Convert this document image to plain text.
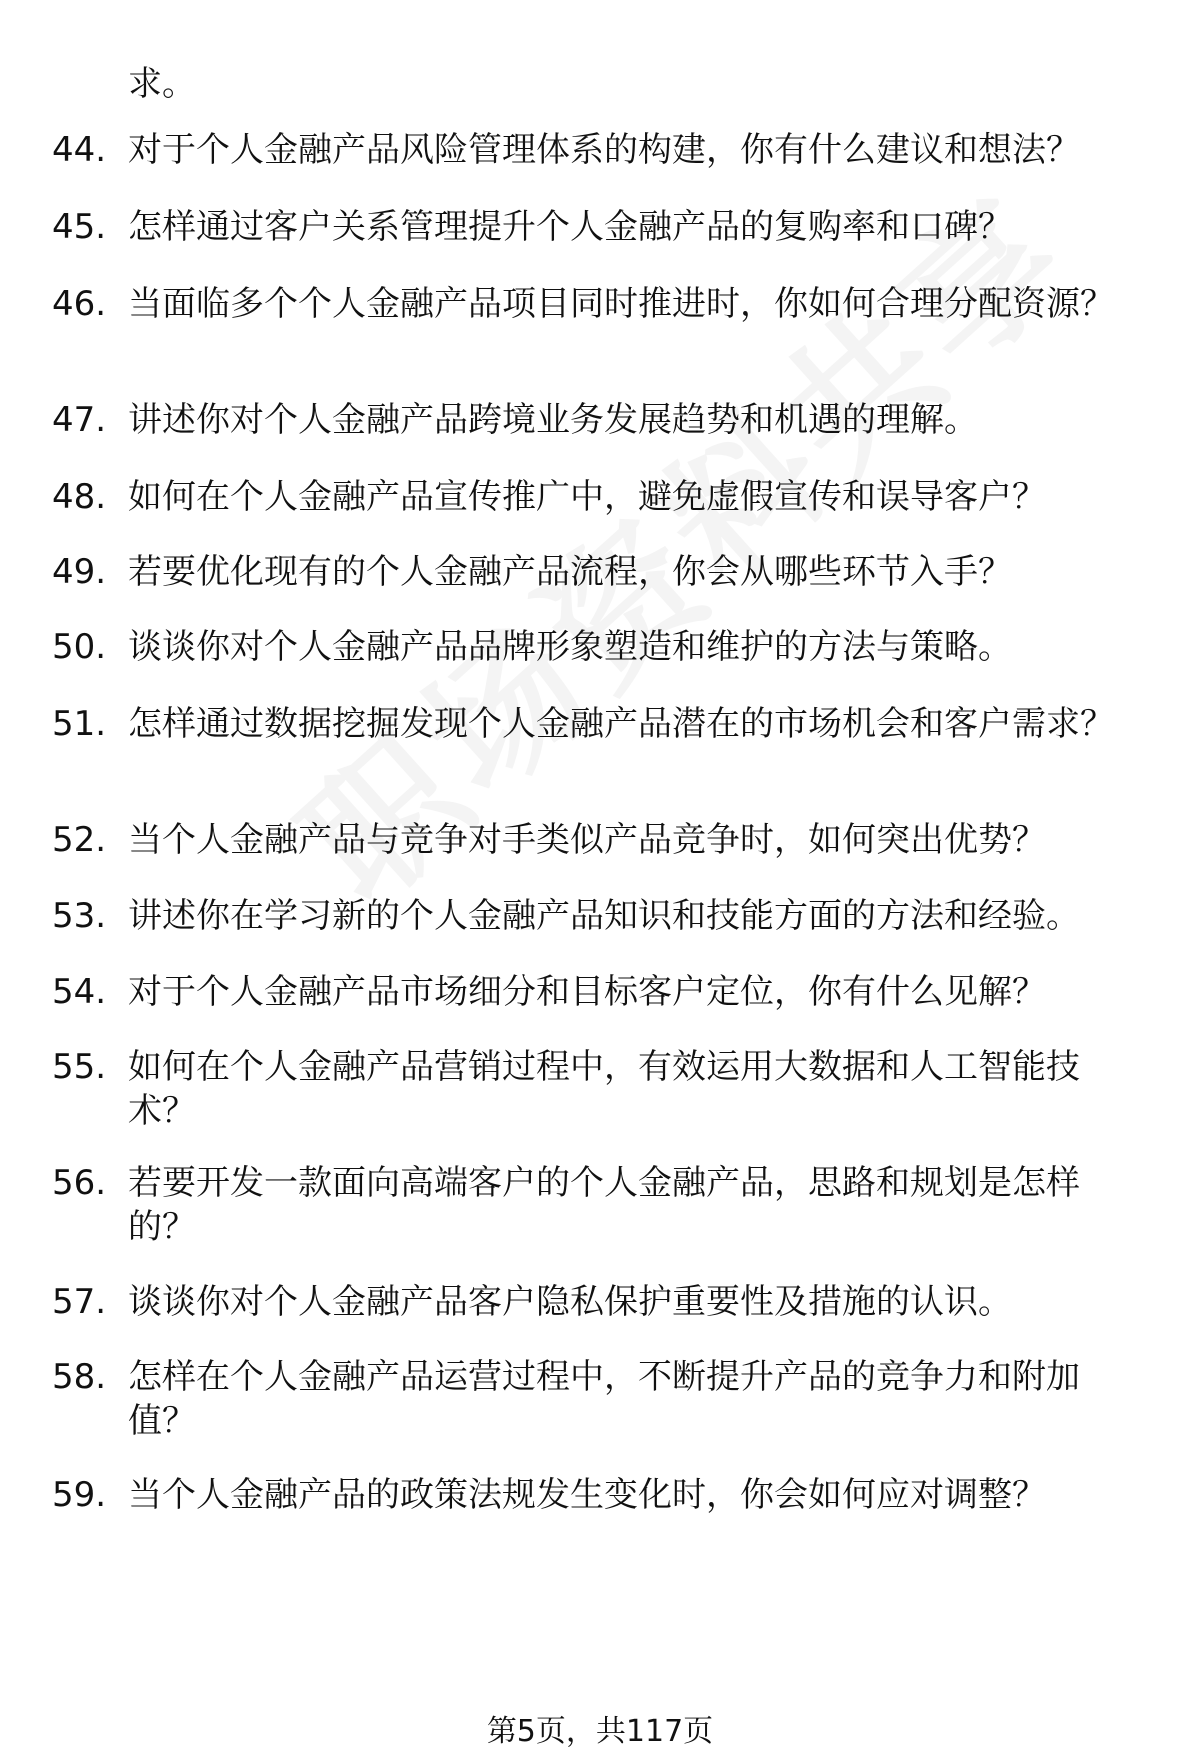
求。
44. 对于个人金融产品风险管理体系的构建，你有什么建议和想法？
45. 怎样通过客户关系管理提升个人金融产品的复购率和口碑？
46. 当面临多个个人金融产品项目同时推进时，你如何合理分配资源？
47. 讲述你对个人金融产品跨境业务发展趋势和机遇的理解。
48. 如何在个人金融产品宣传推广中，避免虚假宣传和误导客户？
49. 若要优化现有的个人金融产品流程，你会从哪些环节入手？
50. 谈谈你对个人金融产品品牌形象塑造和维护的方法与策略。
51. 怎样通过数据挖掘发现个人金融产品潜在的市场机会和客户需求？
52. 当个人金融产品与竞争对手类似产品竞争时，如何突出优势？
53. 讲述你在学习新的个人金融产品知识和技能方面的方法和经验。
54. 对于个人金融产品市场细分和目标客户定位，你有什么见解？
55. 如何在个人金融产品营销过程中，有效运用大数据和人工智能技术？
56. 若要开发一款面向高端客户的个人金融产品，思路和规划是怎样的？
57. 谈谈你对个人金融产品客户隐私保护重要性及措施的认识。
58. 怎样在个人金融产品运营过程中，不断提升产品的竞争力和附加值？
59. 当个人金融产品的政策法规发生变化时，你会如何应对调整？
第5页，共117页
